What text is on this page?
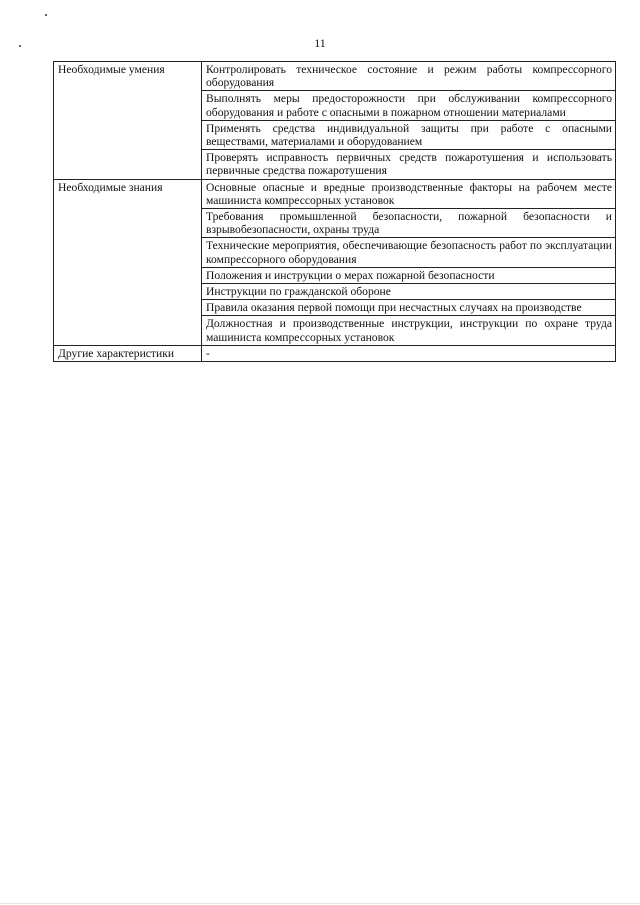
11
Необходимые умения	Контролировать техническое состояние и режим работы компрессорного оборудования
	Выполнять меры предосторожности при обслуживании компрессорного оборудования и работе с опасными в пожарном отношении материалами
	Применять средства индивидуальной защиты при работе с опасными веществами, материалами и оборудованием
	Проверять исправность первичных средств пожаротушения и использовать первичные средства пожаротушения
Необходимые знания	Основные опасные и вредные производственные факторы на рабочем месте машиниста компрессорных установок
	Требования промышленной безопасности, пожарной безопасности и взрывобезопасности, охраны труда
	Технические мероприятия, обеспечивающие безопасность работ по эксплуатации компрессорного оборудования
	Положения и инструкции о мерах пожарной безопасности
	Инструкции по гражданской обороне
	Правила оказания первой помощи при несчастных случаях на производстве
	Должностная и производственные инструкции, инструкции по охране труда машиниста компрессорных установок
Другие характеристики	-
